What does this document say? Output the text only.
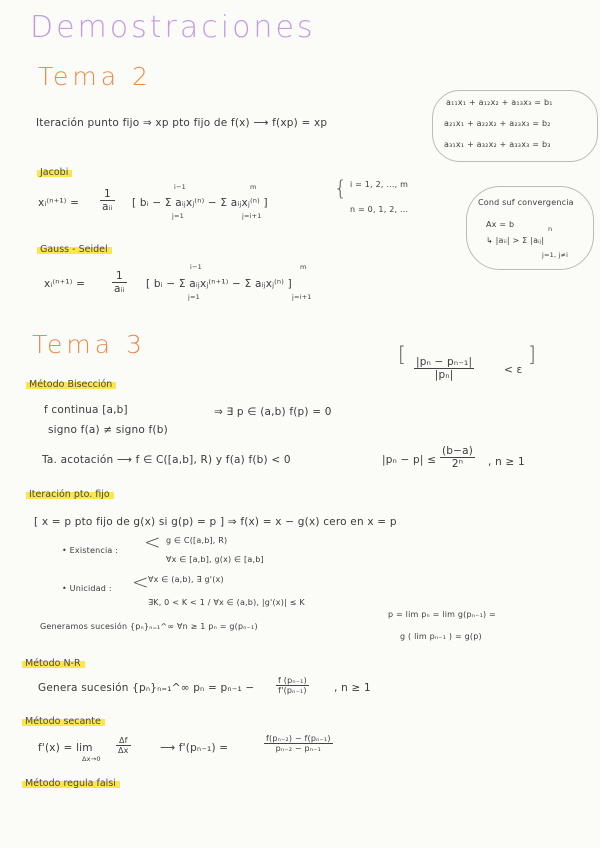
Demostraciones
Tema 2
Iteración punto fijo ⇒ xp pto fijo de f(x) ⟶ f(xp) = xp
a₁₁x₁ + a₁₂x₂ + a₁₃x₃ = b₁
a₂₁x₁ + a₂₂x₂ + a₂₃x₃ = b₂
a₃₁x₁ + a₃₂x₂ + a₃₃x₃ = b₃
Jacobi
xᵢ⁽ⁿ⁺¹⁾ =
1
aᵢᵢ [ bᵢ − Σ aᵢⱼxⱼ⁽ⁿ⁾ − Σ aᵢⱼxⱼ⁽ⁿ⁾ ]
i−1
j=1
m
j=i+1
{ i = 1, 2, ..., m
n = 0, 1, 2, ...
Cond suf convergencia
Ax = b
↳ |aᵢᵢ| > Σ |aᵢⱼ|
n
j=1, j≠i
Gauss - Seidel
xᵢ⁽ⁿ⁺¹⁾ =
1
aᵢᵢ [ bᵢ − Σ aᵢⱼxⱼ⁽ⁿ⁺¹⁾ − Σ aᵢⱼxⱼ⁽ⁿ⁾ ]
i−1
j=1
m
j=i+1
Tema 3	[
$\frac{\text{|pₙ − pₙ₋₁|}}{\text{|pₙ|}}$	< ε
]
Método Bisección
f continua [a,b]
signo f(a) ≠ signo f(b)
⇒ ∃ p ∈ (a,b) f(p) = 0
Ta. acotación ⟶ f ∈ C([a,b], R) y f(a) f(b) < 0	$|p_n - p| \le \frac{(b-a)}{\text{2ⁿ}}$ , n ≥ 1
Iteración pto. fijo
[ x = p pto fijo de g(x) si g(p) = p ] ⇒ f(x) = x − g(x) cero en x = p
• Existencia : < g ∈ C([a,b], R)
∀x ∈ [a,b], g(x) ∈ [a,b]
• Unicidad : < ∀x ∈ (a,b), ∃ g'(x)
∃K, 0 < K < 1 / ∀x ∈ (a,b), |g'(x)| ≤ K
Generamos sucesión {pₙ}ₙ₌₁^∞ ∀n ≥ 1 pₙ = g(pₙ₋₁)
p = lim pₙ = lim g(pₙ₋₁) =
g ( lim pₙ₋₁ ) = g(p)
Método N-R
Genera sucesión {pₙ}ₙ₌₁^∞ pₙ = pₙ₋₁ −	$\frac{\text{f (pₙ₋₁)}}{\text{f'(pₙ₋₁)}}$ , n ≥ 1
Método secante
f'(x) = lim
Δx→0
$\frac{\Delta f}{\Delta x}$	⟶ f'(pₙ₋₁) =	$\frac{\text{f(pₙ₋₂) − f(pₙ₋₁)}}{\text{pₙ₋₂ − pₙ₋₁}}$
Método regula falsi
